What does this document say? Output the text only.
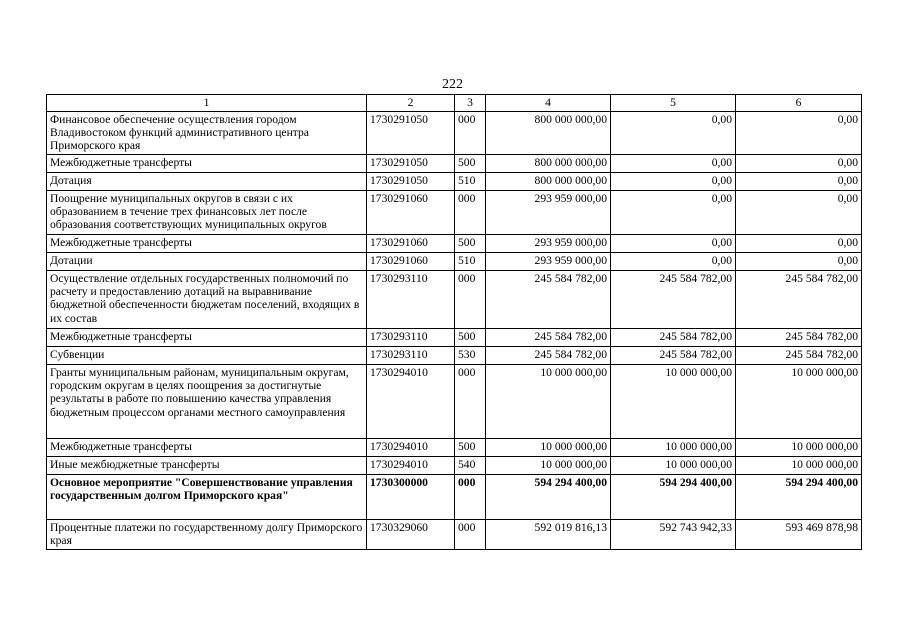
222
1	2	3	4	5	6
Финансовое обеспечение осуществления городом Владивостоком функций административного центра Приморского края	1730291050	000	800 000 000,00	0,00	0,00
Межбюджетные трансферты	1730291050	500	800 000 000,00	0,00	0,00
Дотация	1730291050	510	800 000 000,00	0,00	0,00
Поощрение муниципальных округов в связи с их образованием в течение трех финансовых лет после образования соответствующих муниципальных округов	1730291060	000	293 959 000,00	0,00	0,00
Межбюджетные трансферты	1730291060	500	293 959 000,00	0,00	0,00
Дотации	1730291060	510	293 959 000,00	0,00	0,00
Осуществление отдельных государственных полномочий по расчету и предоставлению дотаций на выравнивание бюджетной обеспеченности бюджетам поселений, входящих в их состав	1730293110	000	245 584 782,00	245 584 782,00	245 584 782,00
Межбюджетные трансферты	1730293110	500	245 584 782,00	245 584 782,00	245 584 782,00
Субвенции	1730293110	530	245 584 782,00	245 584 782,00	245 584 782,00
Гранты муниципальным районам, муниципальным округам, городским округам в целях поощрения за достигнутые результаты в работе по повышению качества управления бюджетным процессом органами местного самоуправления	1730294010	000	10 000 000,00	10 000 000,00	10 000 000,00
Межбюджетные трансферты	1730294010	500	10 000 000,00	10 000 000,00	10 000 000,00
Иные межбюджетные трансферты	1730294010	540	10 000 000,00	10 000 000,00	10 000 000,00
Основное мероприятие "Совершенствование управления государственным долгом Приморского края"	1730300000	000	594 294 400,00	594 294 400,00	594 294 400,00
Процентные платежи по государственному долгу Приморского края	1730329060	000	592 019 816,13	592 743 942,33	593 469 878,98
